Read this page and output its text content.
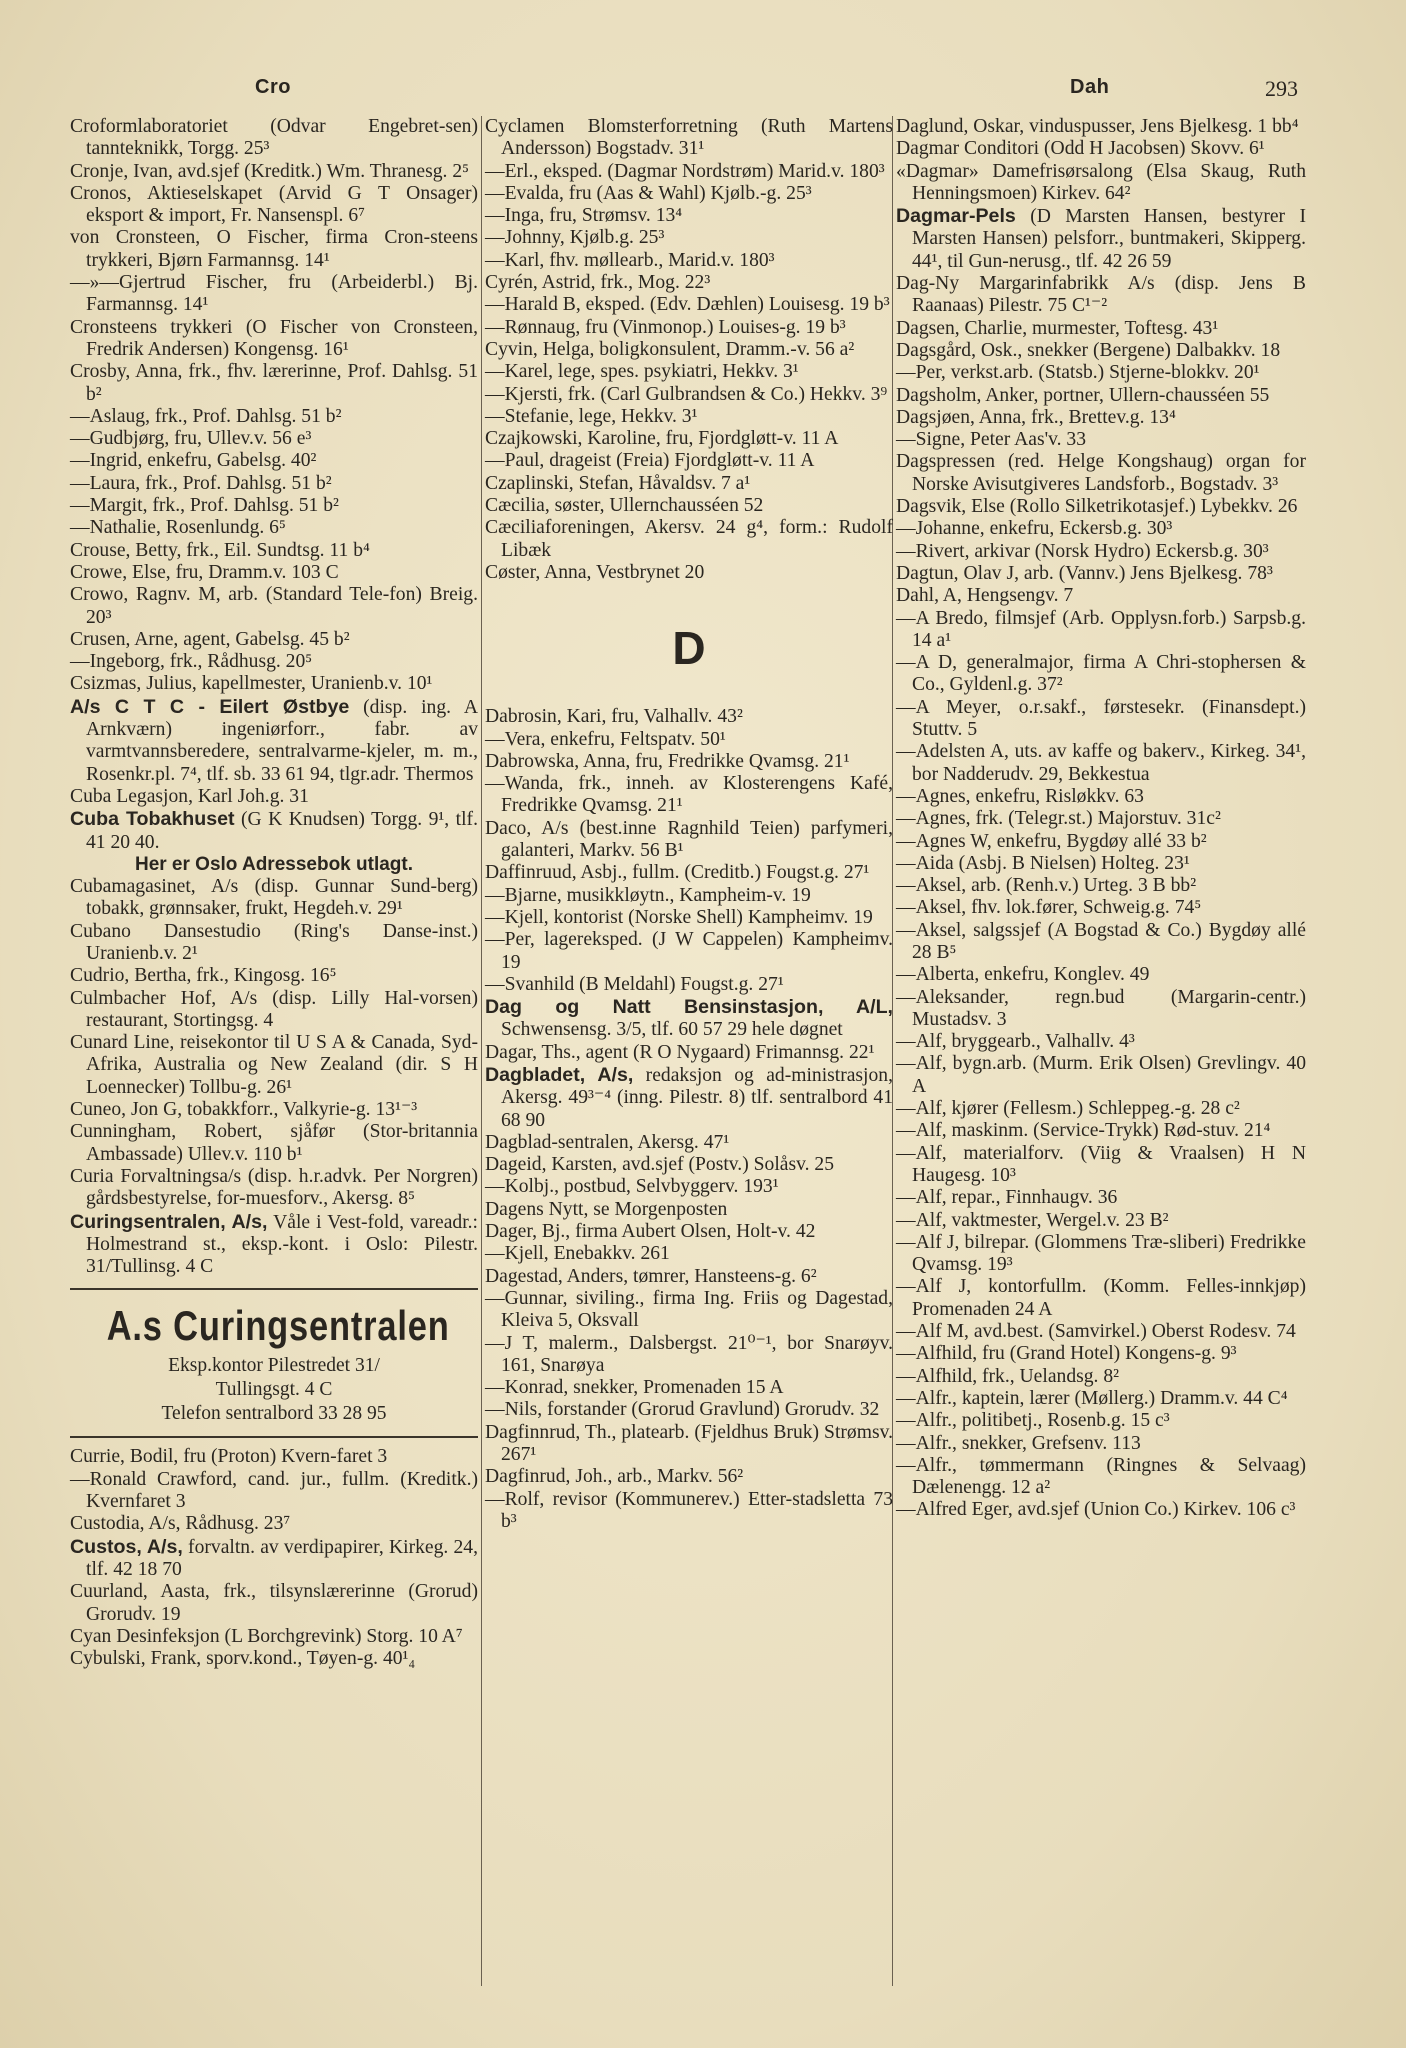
Cro	Dah	293

Croformlaboratoriet (Odvar Engebret-sen) tannteknikk, Torgg. 25³

Cronje, Ivan, avd.sjef (Kreditk.) Wm. Thranesg. 2⁵

Cronos, Aktieselskapet (Arvid G T Onsager) eksport & import, Fr. Nansenspl. 6⁷

von Cronsteen, O Fischer, firma Cron-steens trykkeri, Bjørn Farmannsg. 14¹

—»—Gjertrud Fischer, fru (Arbeiderbl.) Bj. Farmannsg. 14¹

Cronsteens trykkeri (O Fischer von Cronsteen, Fredrik Andersen) Kongensg. 16¹

Crosby, Anna, frk., fhv. lærerinne, Prof. Dahlsg. 51 b²

—Aslaug, frk., Prof. Dahlsg. 51 b²

—Gudbjørg, fru, Ullev.v. 56 e³

—Ingrid, enkefru, Gabelsg. 40²

—Laura, frk., Prof. Dahlsg. 51 b²

—Margit, frk., Prof. Dahlsg. 51 b²

—Nathalie, Rosenlundg. 6⁵

Crouse, Betty, frk., Eil. Sundtsg. 11 b⁴

Crowe, Else, fru, Dramm.v. 103 C

Crowo, Ragnv. M, arb. (Standard Tele-fon) Breig. 20³

Crusen, Arne, agent, Gabelsg. 45 b²

—Ingeborg, frk., Rådhusg. 20⁵

Csizmas, Julius, kapellmester, Uranienb.v. 10¹

A/s C T C - Eilert Østbye (disp. ing. A Arnkværn) ingeniørforr., fabr. av varmtvannsberedere, sentralvarme-kjeler, m. m., Rosenkr.pl. 7⁴, tlf. sb. 33 61 94, tlgr.adr. Thermos

Cuba Legasjon, Karl Joh.g. 31

Cuba Tobakhuset (G K Knudsen) Torgg. 9¹, tlf. 41 20 40.

Her er Oslo Adressebok utlagt.

Cubamagasinet, A/s (disp. Gunnar Sund-berg) tobakk, grønnsaker, frukt, Hegdeh.v. 29¹

Cubano Dansestudio (Ring's Danse-inst.) Uranienb.v. 2¹

Cudrio, Bertha, frk., Kingosg. 16⁵

Culmbacher Hof, A/s (disp. Lilly Hal-vorsen) restaurant, Stortingsg. 4

Cunard Line, reisekontor til U S A & Canada, Syd-Afrika, Australia og New Zealand (dir. S H Loennecker) Tollbu-g. 26¹

Cuneo, Jon G, tobakkforr., Valkyrie-g. 13¹⁻³

Cunningham, Robert, sjåfør (Stor-britannia Ambassade) Ullev.v. 110 b¹

Curia Forvaltningsa/s (disp. h.r.advk. Per Norgren) gårdsbestyrelse, for-muesforv., Akersg. 8⁵

Curingsentralen, A/s, Våle i Vest-fold, vareadr.: Holmestrand st., eksp.-kont. i Oslo: Pilestr. 31/Tullinsg. 4 C

A.s Curingsentralen
Eksp.kontor Pilestredet 31/
Tullingsgt. 4 C
Telefon sentralbord 33 28 95

Currie, Bodil, fru (Proton) Kvern-faret 3

—Ronald Crawford, cand. jur., fullm. (Kreditk.) Kvernfaret 3

Custodia, A/s, Rådhusg. 23⁷

Custos, A/s, forvaltn. av verdipapirer, Kirkeg. 24, tlf. 42 18 70

Cuurland, Aasta, frk., tilsynslærerinne (Grorud) Grorudv. 19

Cyan Desinfeksjon (L Borchgrevink) Storg. 10 A⁷

Cybulski, Frank, sporv.kond., Tøyen-g. 40¹₄

Cyclamen Blomsterforretning (Ruth Martens Andersson) Bogstadv. 31¹

—Erl., eksped. (Dagmar Nordstrøm) Marid.v. 180³

—Evalda, fru (Aas & Wahl) Kjølb.-g. 25³

—Inga, fru, Strømsv. 13⁴

—Johnny, Kjølb.g. 25³

—Karl, fhv. møllearb., Marid.v. 180³

Cyrén, Astrid, frk., Mog. 22³

—Harald B, eksped. (Edv. Dæhlen) Louisesg. 19 b³

—Rønnaug, fru (Vinmonop.) Louises-g. 19 b³

Cyvin, Helga, boligkonsulent, Dramm.-v. 56 a²

—Karel, lege, spes. psykiatri, Hekkv. 3¹

—Kjersti, frk. (Carl Gulbrandsen & Co.) Hekkv. 3⁹

—Stefanie, lege, Hekkv. 3¹

Czajkowski, Karoline, fru, Fjordgløtt-v. 11 A

—Paul, drageist (Freia) Fjordgløtt-v. 11 A

Czaplinski, Stefan, Håvaldsv. 7 a¹

Cæcilia, søster, Ullernchausséen 52

Cæciliaforeningen, Akersv. 24 g⁴, form.: Rudolf Libæk

Cøster, Anna, Vestbrynet 20

D

Dabrosin, Kari, fru, Valhallv. 43²

—Vera, enkefru, Feltspatv. 50¹

Dabrowska, Anna, fru, Fredrikke Qvamsg. 21¹

—Wanda, frk., inneh. av Klosterengens Kafé, Fredrikke Qvamsg. 21¹

Daco, A/s (best.inne Ragnhild Teien) parfymeri, galanteri, Markv. 56 B¹

Daffinruud, Asbj., fullm. (Creditb.) Fougst.g. 27¹

—Bjarne, musikkløytn., Kampheim-v. 19

—Kjell, kontorist (Norske Shell) Kampheimv. 19

—Per, lagereksped. (J W Cappelen) Kampheimv. 19

—Svanhild (B Meldahl) Fougst.g. 27¹

Dag og Natt Bensinstasjon, A/L, Schwensensg. 3/5, tlf. 60 57 29 hele døgnet

Dagar, Ths., agent (R O Nygaard) Frimannsg. 22¹

Dagbladet, A/s, redaksjon og ad-ministrasjon, Akersg. 49³⁻⁴ (inng. Pilestr. 8) tlf. sentralbord 41 68 90

Dagblad-sentralen, Akersg. 47¹

Dageid, Karsten, avd.sjef (Postv.) Solåsv. 25

—Kolbj., postbud, Selvbyggerv. 193¹

Dagens Nytt, se Morgenposten

Dager, Bj., firma Aubert Olsen, Holt-v. 42

—Kjell, Enebakkv. 261

Dagestad, Anders, tømrer, Hansteens-g. 6²

—Gunnar, siviling., firma Ing. Friis og Dagestad, Kleiva 5, Oksvall

—J T, malerm., Dalsbergst. 21⁰⁻¹, bor Snarøyv. 161, Snarøya

—Konrad, snekker, Promenaden 15 A

—Nils, forstander (Grorud Gravlund) Grorudv. 32

Dagfinnrud, Th., platearb. (Fjeldhus Bruk) Strømsv. 267¹

Dagfinrud, Joh., arb., Markv. 56²

—Rolf, revisor (Kommunerev.) Etter-stadsletta 73 b³

Daglund, Oskar, vinduspusser, Jens Bjelkesg. 1 bb⁴

Dagmar Conditori (Odd H Jacobsen) Skovv. 6¹

«Dagmar» Damefrisørsalong (Elsa Skaug, Ruth Henningsmoen) Kirkev. 64²

Dagmar-Pels (D Marsten Hansen, bestyrer I Marsten Hansen) pelsforr., buntmakeri, Skipperg. 44¹, til Gun-nerusg., tlf. 42 26 59

Dag-Ny Margarinfabrikk A/s (disp. Jens B Raanaas) Pilestr. 75 C¹⁻²

Dagsen, Charlie, murmester, Toftesg. 43¹

Dagsgård, Osk., snekker (Bergene) Dalbakkv. 18

—Per, verkst.arb. (Statsb.) Stjerne-blokkv. 20¹

Dagsholm, Anker, portner, Ullern-chausséen 55

Dagsjøen, Anna, frk., Brettev.g. 13⁴

—Signe, Peter Aas'v. 33

Dagspressen (red. Helge Kongshaug) organ for Norske Avisutgiveres Landsforb., Bogstadv. 3³

Dagsvik, Else (Rollo Silketrikotasjef.) Lybekkv. 26

—Johanne, enkefru, Eckersb.g. 30³

—Rivert, arkivar (Norsk Hydro) Eckersb.g. 30³

Dagtun, Olav J, arb. (Vannv.) Jens Bjelkesg. 78³

Dahl, A, Hengsengv. 7

—A Bredo, filmsjef (Arb. Opplysn.forb.) Sarpsb.g. 14 a¹

—A D, generalmajor, firma A Chri-stophersen & Co., Gyldenl.g. 37²

—A Meyer, o.r.sakf., førstesekr. (Finansdept.) Stuttv. 5

—Adelsten A, uts. av kaffe og bakerv., Kirkeg. 34¹, bor Nadderudv. 29, Bekkestua

—Agnes, enkefru, Risløkkv. 63

—Agnes, frk. (Telegr.st.) Majorstuv. 31c²

—Agnes W, enkefru, Bygdøy allé 33 b²

—Aida (Asbj. B Nielsen) Holteg. 23¹

—Aksel, arb. (Renh.v.) Urteg. 3 B bb²

—Aksel, fhv. lok.fører, Schweig.g. 74⁵

—Aksel, salgssjef (A Bogstad & Co.) Bygdøy allé 28 B⁵

—Alberta, enkefru, Konglev. 49

—Aleksander, regn.bud (Margarin-centr.) Mustadsv. 3

—Alf, bryggearb., Valhallv. 4³

—Alf, bygn.arb. (Murm. Erik Olsen) Grevlingv. 40 A

—Alf, kjører (Fellesm.) Schleppeg.-g. 28 c²

—Alf, maskinm. (Service-Trykk) Rød-stuv. 21⁴

—Alf, materialforv. (Viig & Vraalsen) H N Haugesg. 10³

—Alf, repar., Finnhaugv. 36

—Alf, vaktmester, Wergel.v. 23 B²

—Alf J, bilrepar. (Glommens Træ-sliberi) Fredrikke Qvamsg. 19³

—Alf J, kontorfullm. (Komm. Felles-innkjøp) Promenaden 24 A

—Alf M, avd.best. (Samvirkel.) Oberst Rodesv. 74

—Alfhild, fru (Grand Hotel) Kongens-g. 9³

—Alfhild, frk., Uelandsg. 8²

—Alfr., kaptein, lærer (Møllerg.) Dramm.v. 44 C⁴

—Alfr., politibetj., Rosenb.g. 15 c³

—Alfr., snekker, Grefsenv. 113

—Alfr., tømmermann (Ringnes & Selvaag) Dælenengg. 12 a²

—Alfred Eger, avd.sjef (Union Co.) Kirkev. 106 c³
